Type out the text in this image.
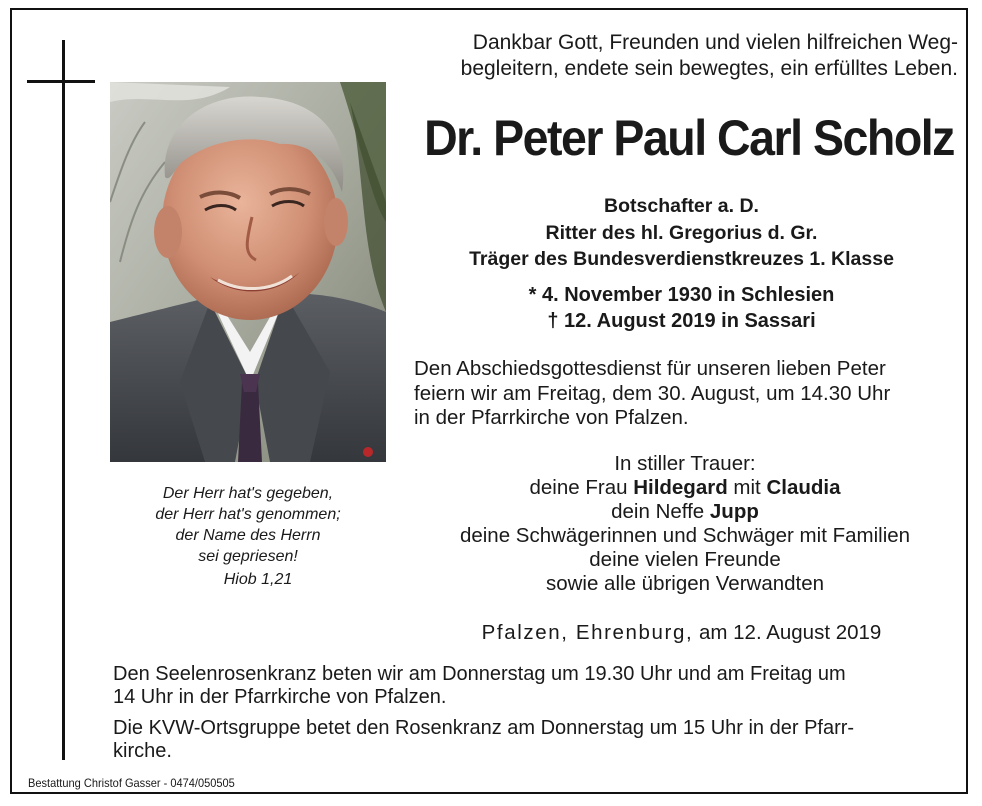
Dankbar Gott, Freunden und vielen hilfreichen Weg-
begleitern, endete sein bewegtes, ein erfülltes Leben.
Dr. Peter Paul Carl Scholz
Botschafter a. D.
Ritter des hl. Gregorius d. Gr.
Träger des Bundesverdienstkreuzes 1. Klasse
* 4. November 1930 in Schlesien
† 12. August 2019 in Sassari
Den Abschiedsgottesdienst für unseren lieben Peter
feiern wir am Freitag, dem 30. August, um 14.30 Uhr
in der Pfarrkirche von Pfalzen.
In stiller Trauer:
deine Frau Hildegard mit Claudia
dein Neffe Jupp
deine Schwägerinnen und Schwäger mit Familien
deine vielen Freunde
sowie alle übrigen Verwandten
Der Herr hat's gegeben,
der Herr hat's genommen;
der Name des Herrn
sei gepriesen!
Hiob 1,21
Pfalzen, Ehrenburg, am 12. August 2019
Den Seelenrosenkranz beten wir am Donnerstag um 19.30 Uhr und am Freitag um
14 Uhr in der Pfarrkirche von Pfalzen.
Die KVW-Ortsgruppe betet den Rosenkranz am Donnerstag um 15 Uhr in der Pfarr-
kirche.
Bestattung Christof Gasser - 0474/050505
